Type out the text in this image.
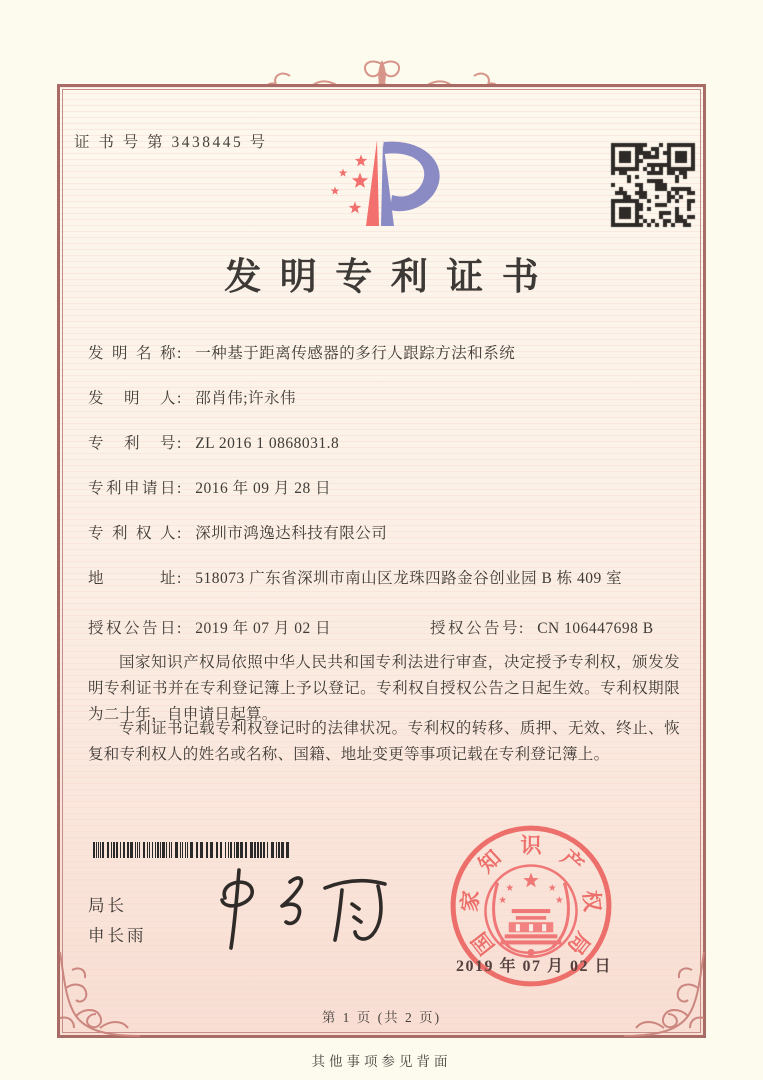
证 书 号 第 3438445 号
发明专利证书
发明名称: 一种基于距离传感器的多行人跟踪方法和系统
发明人: 邵肖伟;许永伟
专利号: ZL 2016 1 0868031.8
专利申请日: 2016 年 09 月 28 日
专利权人: 深圳市鸿逸达科技有限公司
地址: 518073 广东省深圳市南山区龙珠四路金谷创业园 B 栋 409 室
授权公告日: 2019 年 07 月 02 日	授权公告号: CN 106447698 B
国家知识产权局依照中华人民共和国专利法进行审查，决定授予专利权，颁发发明专利证书并在专利登记簿上予以登记。专利权自授权公告之日起生效。专利权期限为二十年，自申请日起算。
专利证书记载专利权登记时的法律状况。专利权的转移、质押、无效、终止、恢复和专利权人的姓名或名称、国籍、地址变更等事项记载在专利登记簿上。
局长
申长雨	国
家
知
识
产
权
局
2019 年 07 月 02 日
第 1 页 (共 2 页)
其他事项参见背面
